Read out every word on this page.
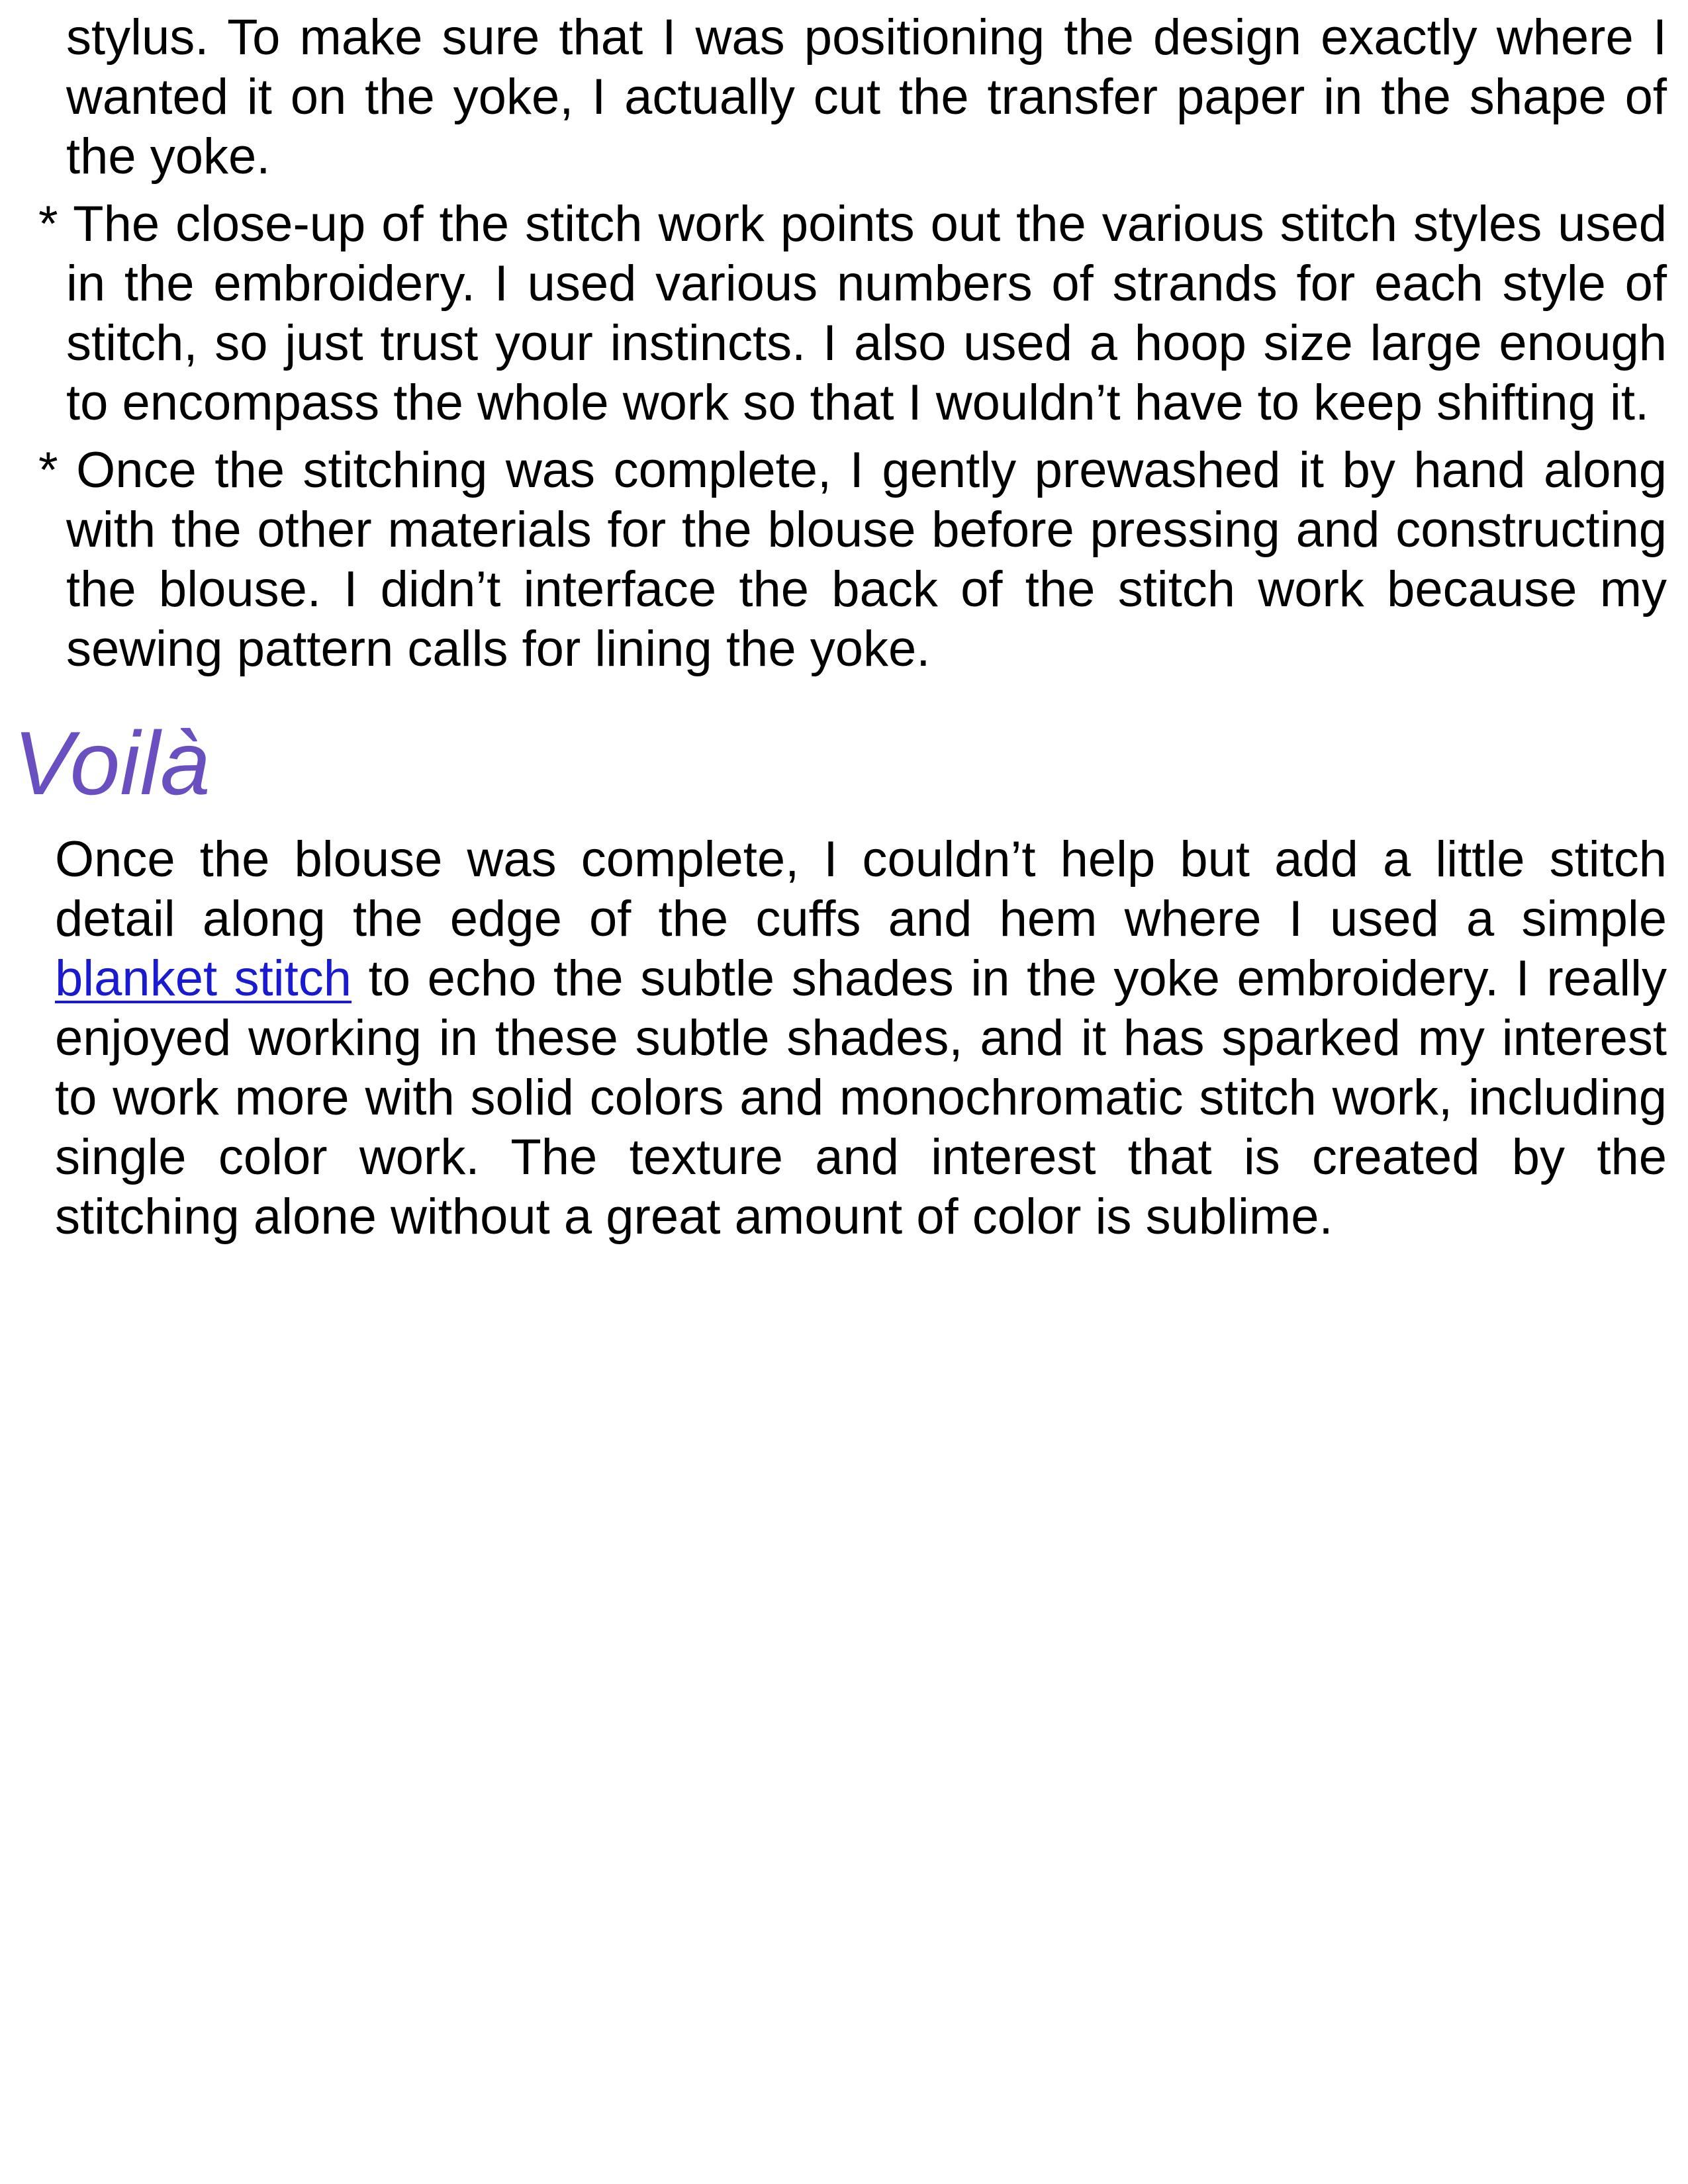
stylus. To make sure that I was positioning the design exactly where I wanted it on the yoke, I actually cut the transfer paper in the shape of the yoke.
* The close-up of the stitch work points out the various stitch styles used in the embroidery. I used various numbers of strands for each style of stitch, so just trust your instincts. I also used a hoop size large enough to encompass the whole work so that I wouldn’t have to keep shifting it.
* Once the stitching was complete, I gently prewashed it by hand along with the other materials for the blouse before pressing and constructing the blouse. I didn’t interface the back of the stitch work because my sewing pattern calls for lining the yoke.
Voilà

Once the blouse was complete, I couldn’t help but add a little stitch detail along the edge of the cuffs and hem where I used a simple blanket stitch to echo the subtle shades in the yoke embroidery. I really enjoyed working in these subtle shades, and it has sparked my interest to work more with solid colors and monochromatic stitch work, including single color work. The texture and interest that is created by the stitching alone without a great amount of color is sublime.
